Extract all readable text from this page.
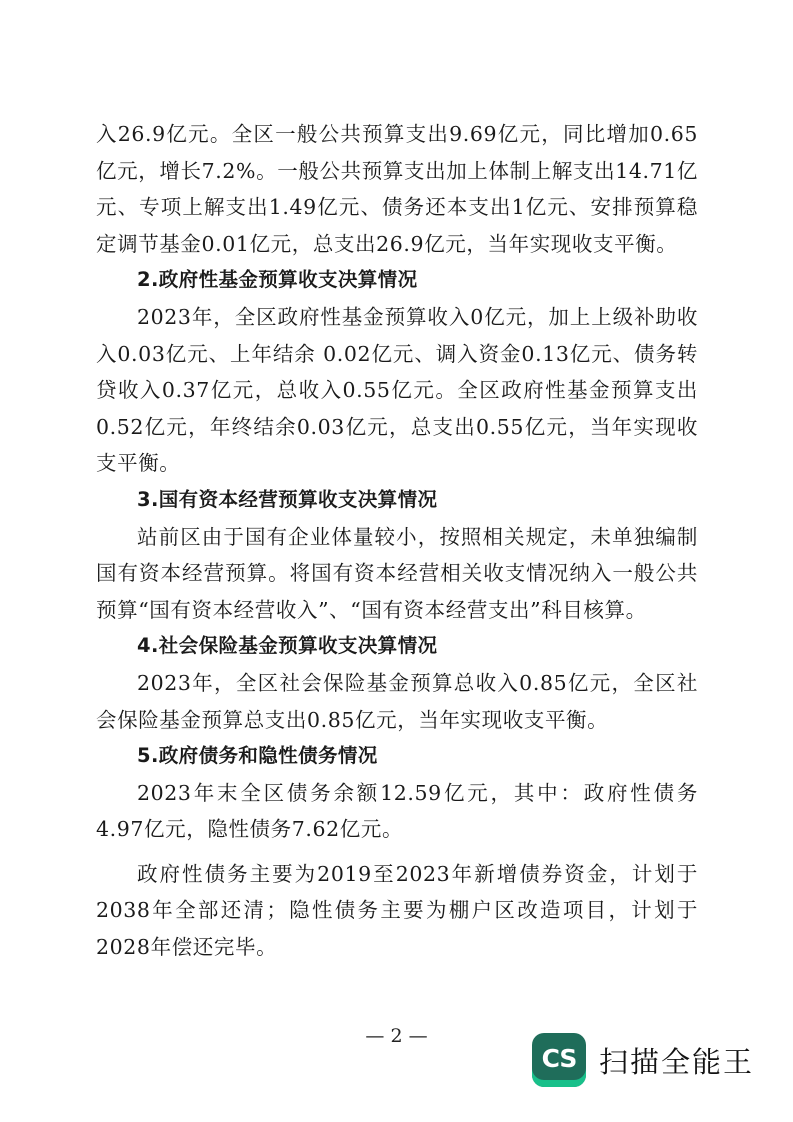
入26.9亿元。全区一般公共预算支出9.69亿元，同比增加0.65亿元，增长7.2%。一般公共预算支出加上体制上解支出14.71亿元、专项上解支出1.49亿元、债务还本支出1亿元、安排预算稳定调节基金0.01亿元，总支出26.9亿元，当年实现收支平衡。

2.政府性基金预算收支决算情况

2023年，全区政府性基金预算收入0亿元，加上上级补助收入0.03亿元、上年结余 0.02亿元、调入资金0.13亿元、债务转贷收入0.37亿元，总收入0.55亿元。全区政府性基金预算支出0.52亿元，年终结余0.03亿元，总支出0.55亿元，当年实现收支平衡。

3.国有资本经营预算收支决算情况

站前区由于国有企业体量较小，按照相关规定，未单独编制国有资本经营预算。将国有资本经营相关收支情况纳入一般公共预算“国有资本经营收入”、“国有资本经营支出”科目核算。

4.社会保险基金预算收支决算情况

2023年，全区社会保险基金预算总收入0.85亿元，全区社会保险基金预算总支出0.85亿元，当年实现收支平衡。

5.政府债务和隐性债务情况

2023年末全区债务余额12.59亿元，其中：政府性债务4.97亿元，隐性债务7.62亿元。

政府性债务主要为2019至2023年新增债券资金，计划于2038年全部还清；隐性债务主要为棚户区改造项目，计划于2028年偿还完毕。

— 2 —
CS 扫描全能王
